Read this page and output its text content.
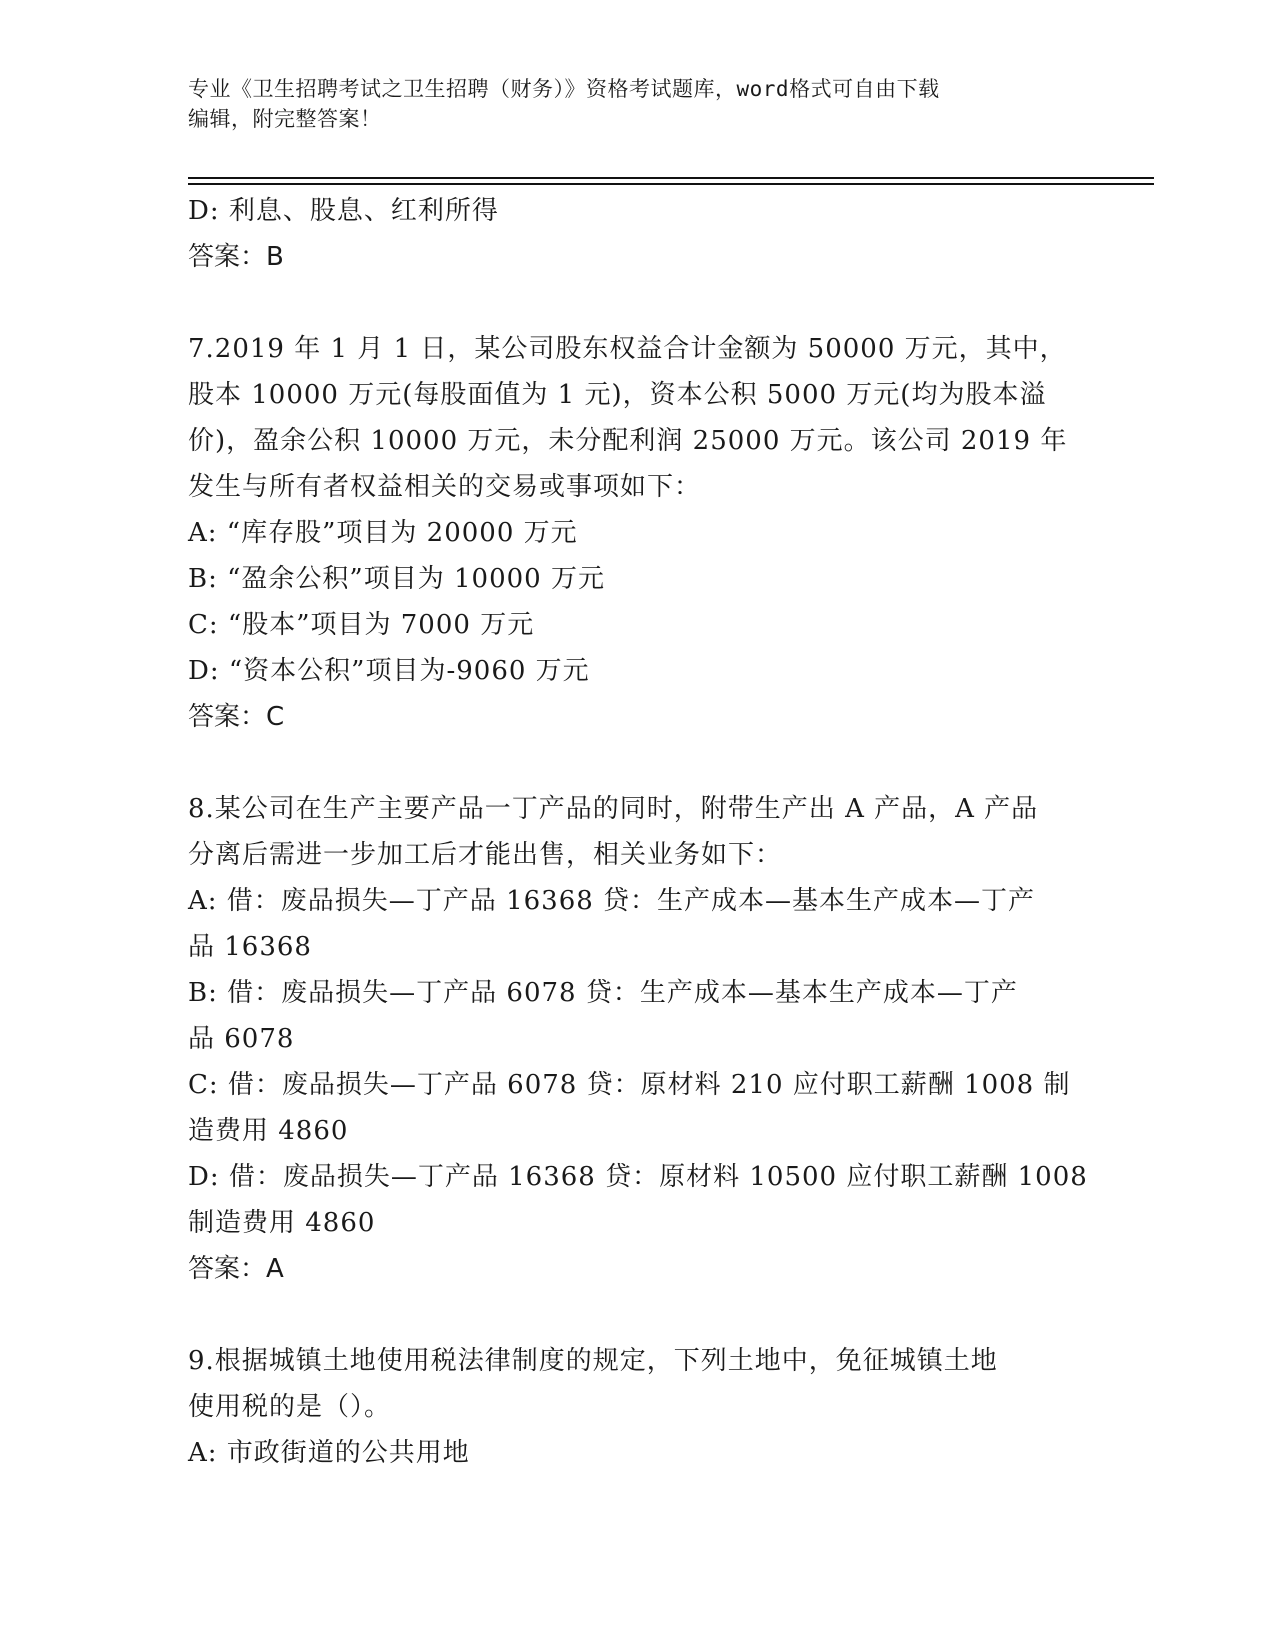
专业《卫生招聘考试之卫生招聘（财务）》资格考试题库，word格式可自由下载
编辑，附完整答案！
D: 利息、股息、红利所得
答案：B
7.2019 年 1 月 1 日，某公司股东权益合计金额为 50000 万元，其中，
股本 10000 万元(每股面值为 1 元)，资本公积 5000 万元(均为股本溢
价)，盈余公积 10000 万元，未分配利润 25000 万元。该公司 2019 年
发生与所有者权益相关的交易或事项如下：
A: “库存股”项目为 20000 万元
B: “盈余公积”项目为 10000 万元
C: “股本”项目为 7000 万元
D: “资本公积”项目为-9060 万元
答案：C
8.某公司在生产主要产品一丁产品的同时，附带生产出 A 产品，A 产品
分离后需进一步加工后才能出售，相关业务如下：
A: 借：废品损失—丁产品 16368 贷：生产成本—基本生产成本—丁产
品 16368
B: 借：废品损失—丁产品 6078 贷：生产成本—基本生产成本—丁产
品 6078
C: 借：废品损失—丁产品 6078 贷：原材料 210 应付职工薪酬 1008 制
造费用 4860
D: 借：废品损失—丁产品 16368 贷：原材料 10500 应付职工薪酬 1008
制造费用 4860
答案：A
9.根据城镇土地使用税法律制度的规定，下列土地中，免征城镇土地
使用税的是（）。
A: 市政街道的公共用地
